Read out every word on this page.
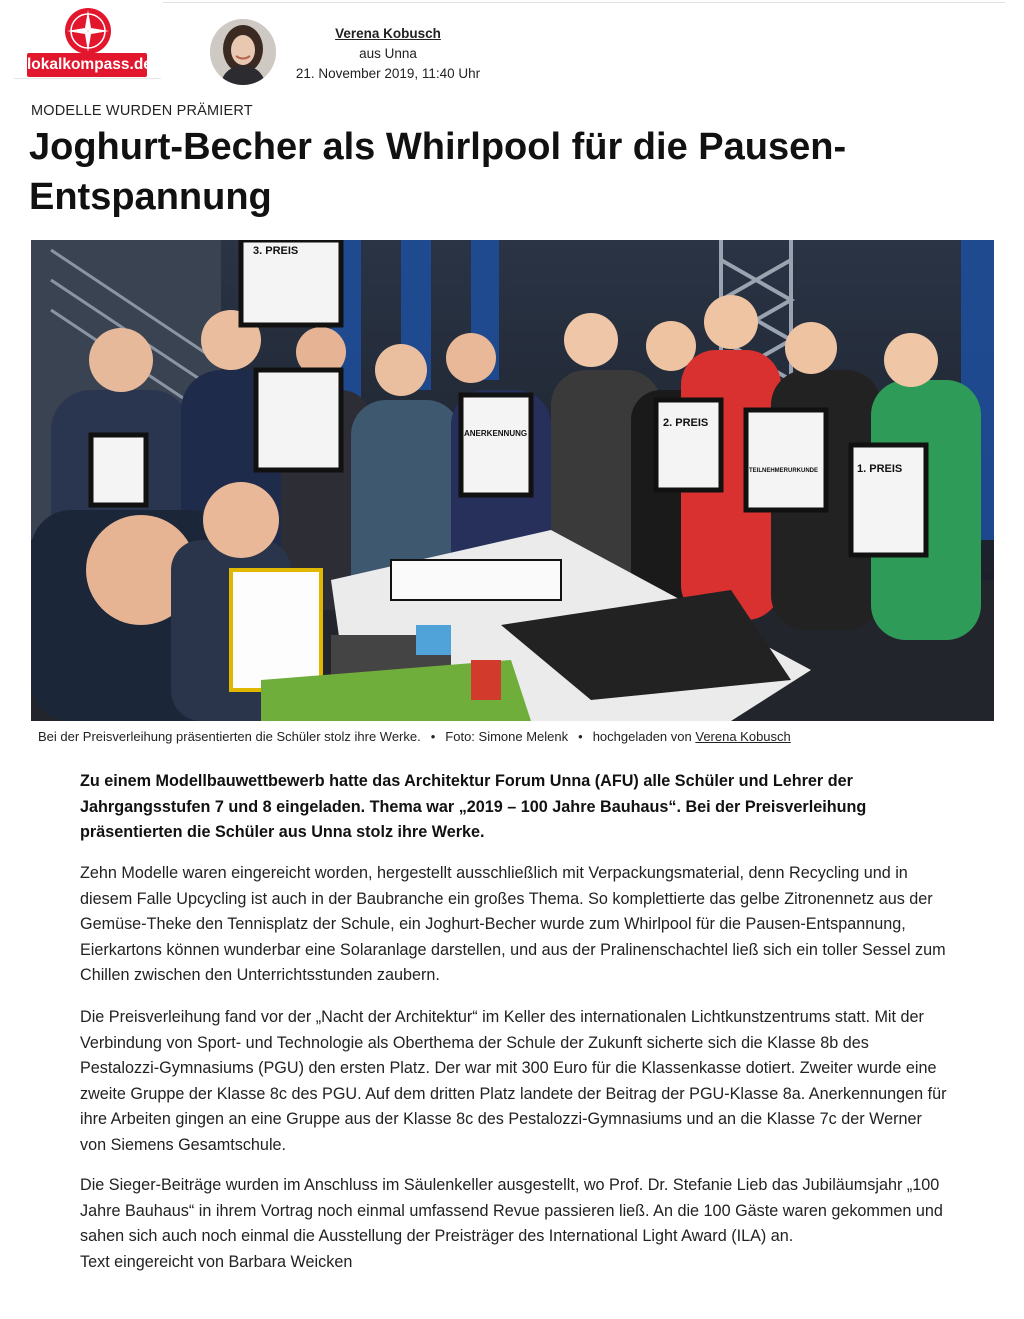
lokalkompass.de
Verena Kobusch
aus Unna
21. November 2019, 11:40 Uhr
MODELLE WURDEN PRÄMIERT
Joghurt-Becher als Whirlpool für die Pausen-Entspannung
3. PREIS
2. PREIS
1. PREIS
ANERKENNUNG
TEILNEHMERURKUNDE
Bei der Preisverleihung präsentierten die Schüler stolz ihre Werke. • Foto: Simone Melenk • hochgeladen von Verena Kobusch

Zu einem Modellbauwettbewerb hatte das Architektur Forum Unna (AFU) alle Schüler und Lehrer der Jahrgangsstufen 7 und 8 eingeladen. Thema war „2019 – 100 Jahre Bauhaus“. Bei der Preisverleihung präsentierten die Schüler aus Unna stolz ihre Werke.

Zehn Modelle waren eingereicht worden, hergestellt ausschließlich mit Verpackungsmaterial, denn Recycling und in diesem Falle Upcycling ist auch in der Baubranche ein großes Thema. So komplettierte das gelbe Zitronennetz aus der Gemüse-Theke den Tennisplatz der Schule, ein Joghurt-Becher wurde zum Whirlpool für die Pausen-Entspannung, Eierkartons können wunderbar eine Solaranlage darstellen, und aus der Pralinenschachtel ließ sich ein toller Sessel zum Chillen zwischen den Unterrichtsstunden zaubern.

Die Preisverleihung fand vor der „Nacht der Architektur“ im Keller des internationalen Lichtkunstzentrums statt. Mit der Verbindung von Sport- und Technologie als Oberthema der Schule der Zukunft sicherte sich die Klasse 8b des Pestalozzi-Gymnasiums (PGU) den ersten Platz. Der war mit 300 Euro für die Klassenkasse dotiert. Zweiter wurde eine zweite Gruppe der Klasse 8c des PGU. Auf dem dritten Platz landete der Beitrag der PGU-Klasse 8a. Anerkennungen für ihre Arbeiten gingen an eine Gruppe aus der Klasse 8c des Pestalozzi-Gymnasiums und an die Klasse 7c der Werner von Siemens Gesamtschule.

Die Sieger-Beiträge wurden im Anschluss im Säulenkeller ausgestellt, wo Prof. Dr. Stefanie Lieb das Jubiläumsjahr „100 Jahre Bauhaus“ in ihrem Vortrag noch einmal umfassend Revue passieren ließ. An die 100 Gäste waren gekommen und sahen sich auch noch einmal die Ausstellung der Preisträger des International Light Award (ILA) an.
Text eingereicht von Barbara Weicken
